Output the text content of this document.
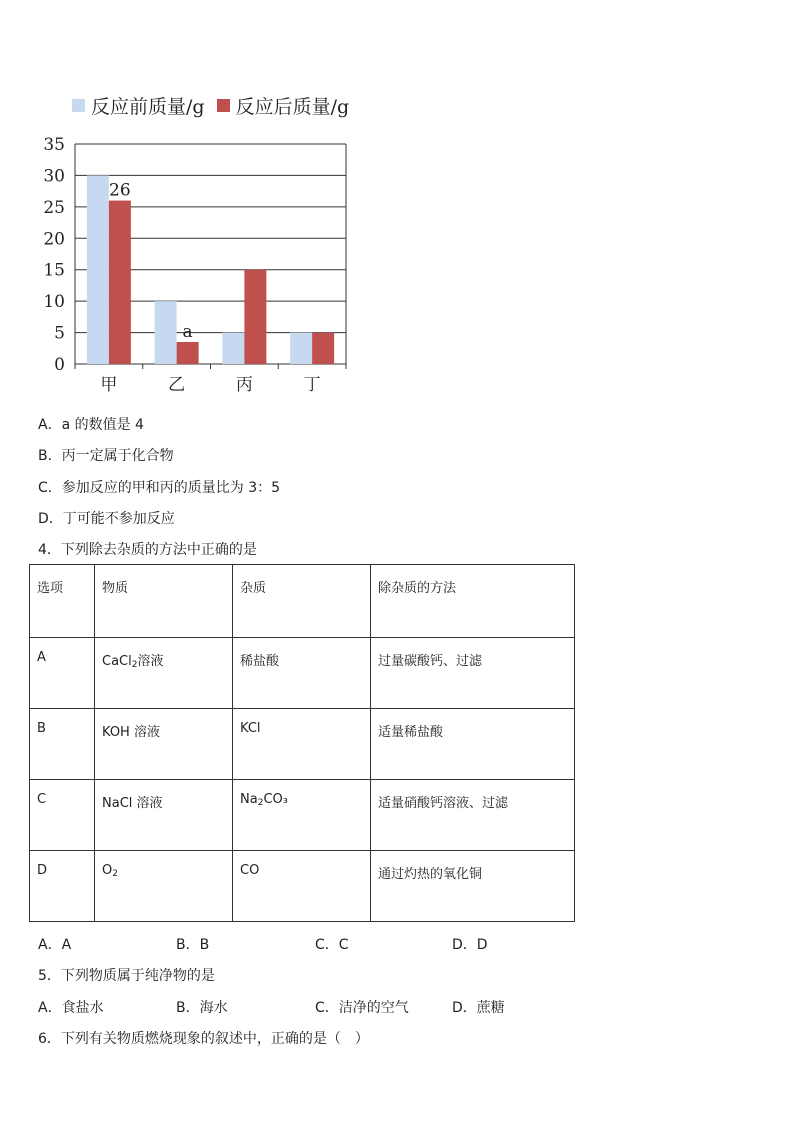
反应前质量/g 反应后质量/g
0
5
10
15
20
25
30
35
甲	乙	丙	丁
26
a
A．a 的数值是 4
B．丙一定属于化合物
C．参加反应的甲和丙的质量比为 3：5
D．丁可能不参加反应
4．下列除去杂质的方法中正确的是
选项	物质	杂质	除杂质的方法
A	CaCl$_2$溶液	稀盐酸	过量碳酸钙、过滤
B	KOH 溶液	KCl	适量稀盐酸
C	NaCl 溶液	$Na_2CO_3$	适量硝酸钙溶液、过滤
D	$O_2$	CO	通过灼热的氧化铜
A．A	B．B	C．C	D．D
5．下列物质属于纯净物的是
A．食盐水	B．海水	C．洁净的空气	D．蔗糖
6．下列有关物质燃烧现象的叙述中，正确的是（　）
